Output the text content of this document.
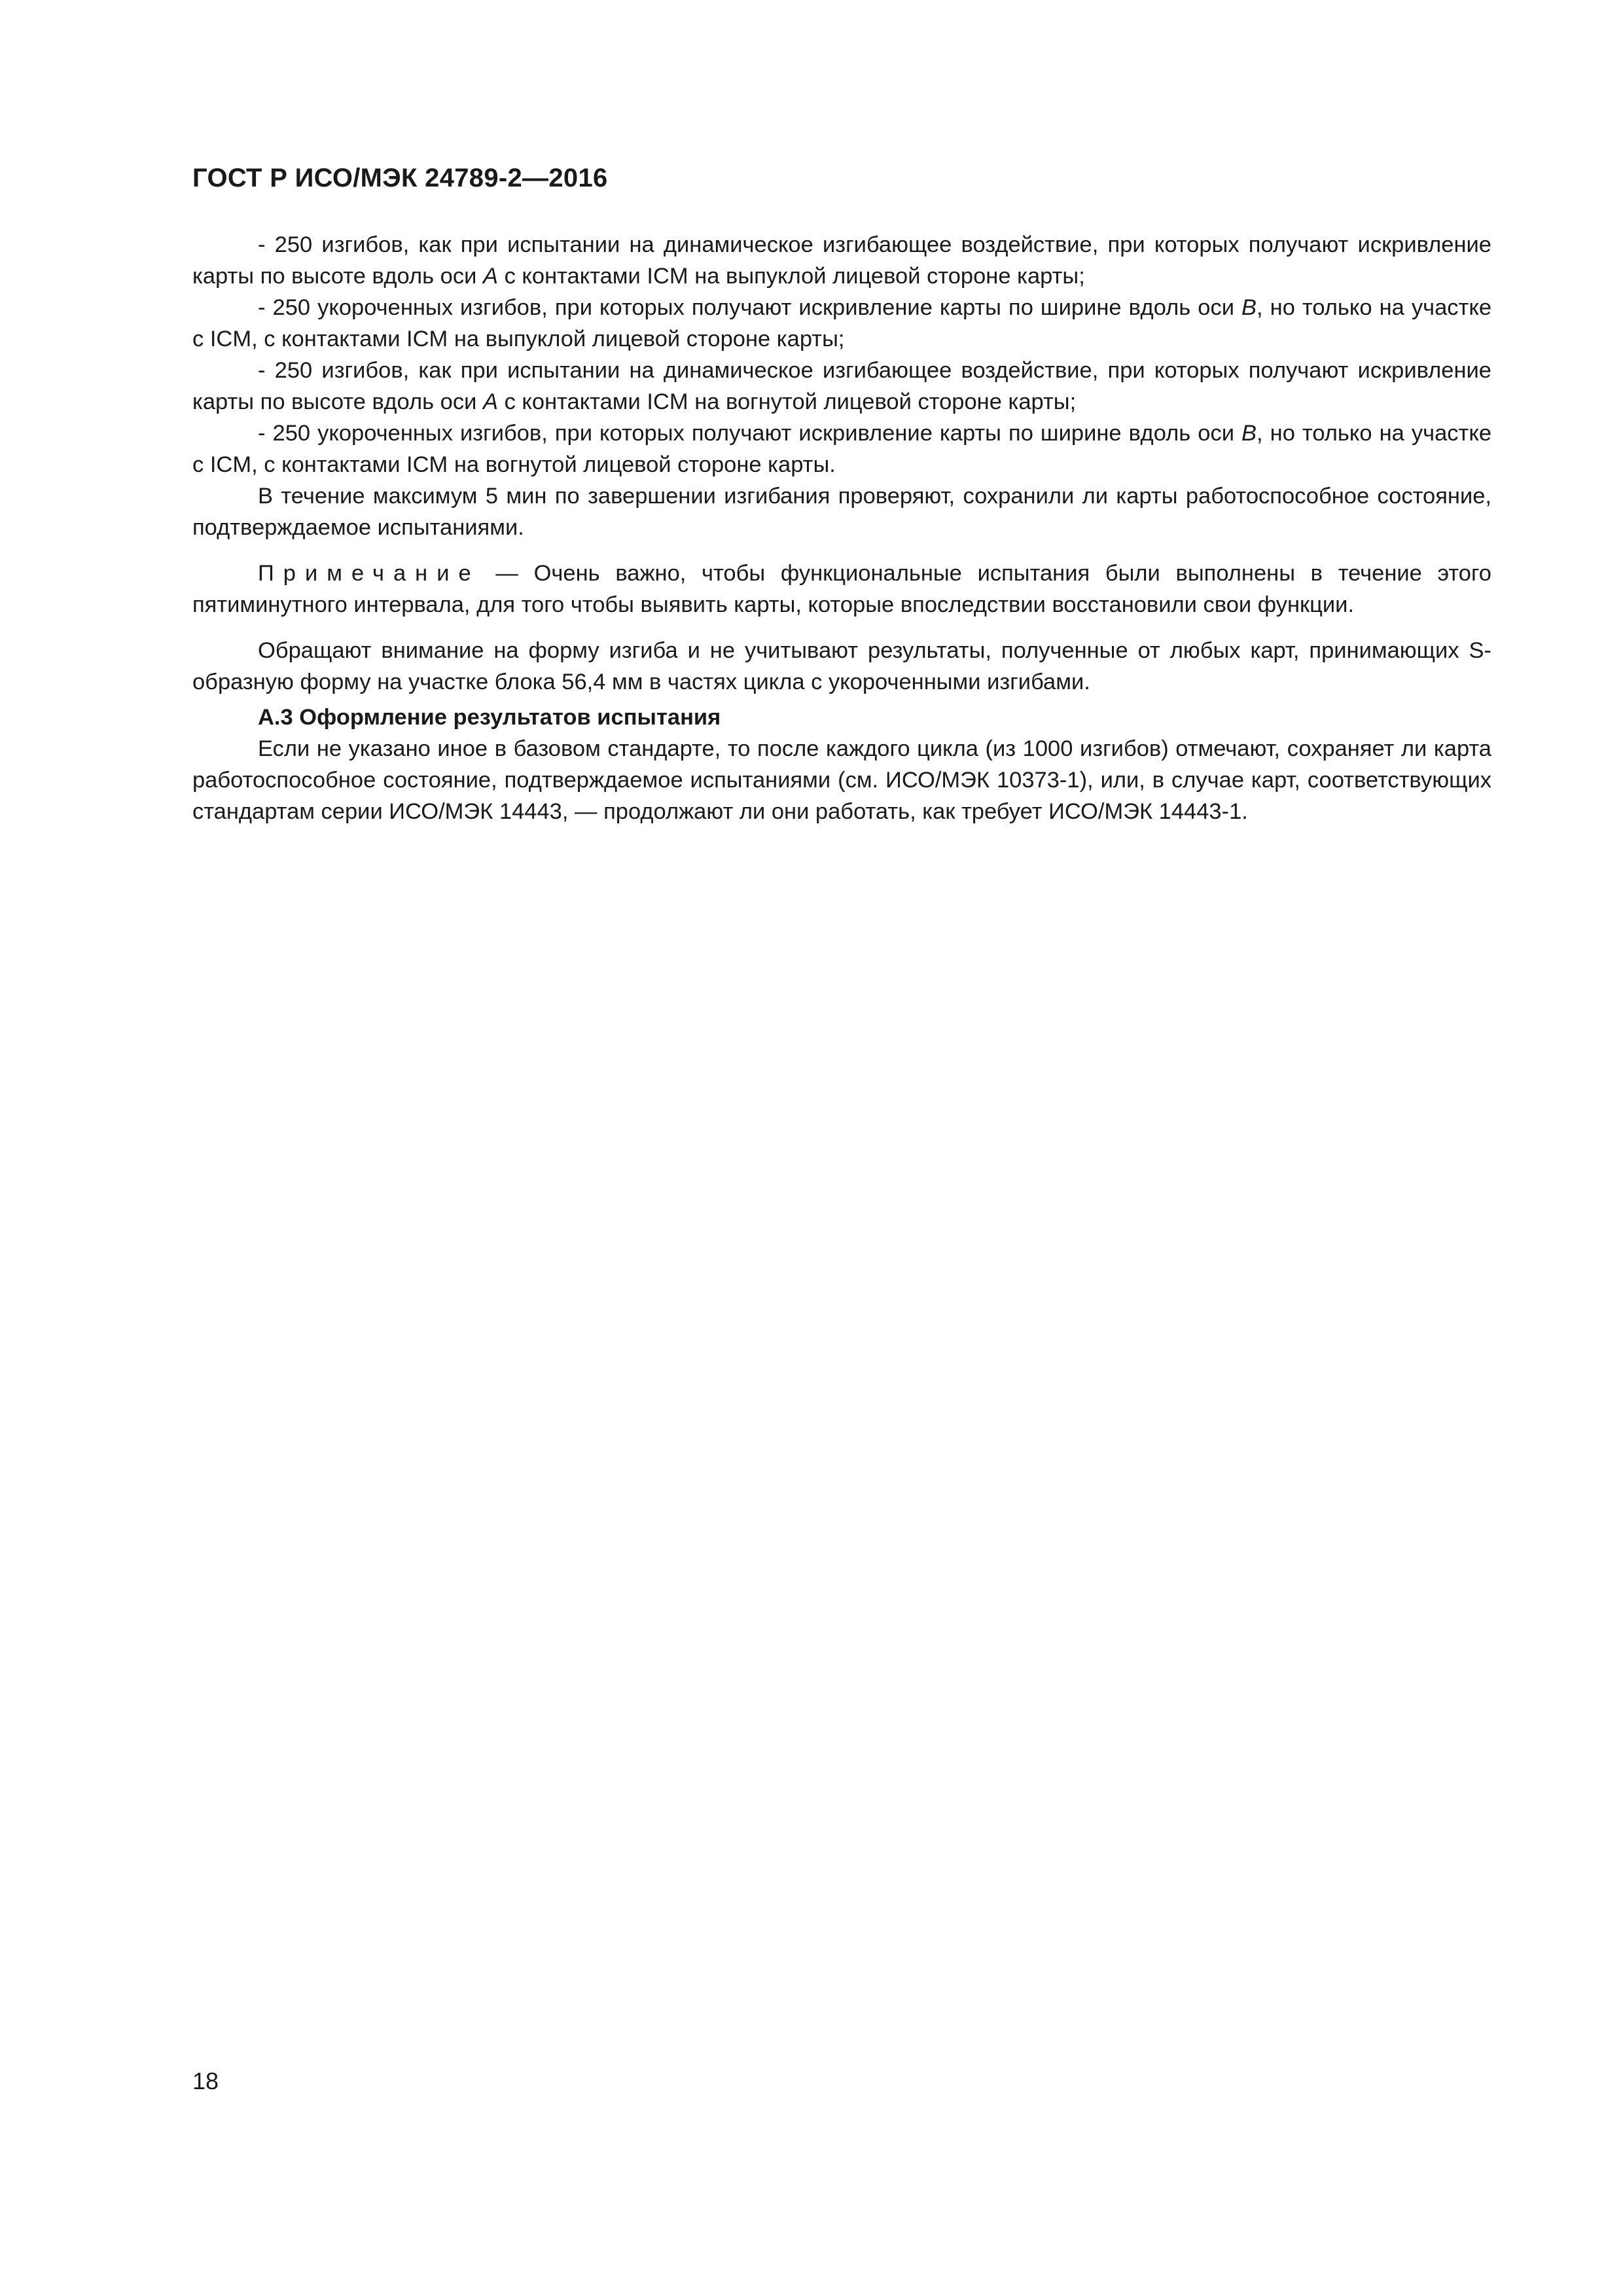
ГОСТ Р ИСО/МЭК 24789-2—2016

- 250 изгибов, как при испытании на динамическое изгибающее воздействие, при которых получают искривление карты по высоте вдоль оси A с контактами ICM на выпуклой лицевой стороне карты;

- 250 укороченных изгибов, при которых получают искривление карты по ширине вдоль оси B, но только на участке с ICM, с контактами ICM на выпуклой лицевой стороне карты;

- 250 изгибов, как при испытании на динамическое изгибающее воздействие, при которых получают искривление карты по высоте вдоль оси A с контактами ICM на вогнутой лицевой стороне карты;

- 250 укороченных изгибов, при которых получают искривление карты по ширине вдоль оси B, но только на участке с ICM, с контактами ICM на вогнутой лицевой стороне карты.

В течение максимум 5 мин по завершении изгибания проверяют, сохранили ли карты работоспособное состояние, подтверждаемое испытаниями.

Примечание — Очень важно, чтобы функциональные испытания были выполнены в течение этого пятиминутного интервала, для того чтобы выявить карты, которые впоследствии восстановили свои функции.

Обращают внимание на форму изгиба и не учитывают результаты, полученные от любых карт, принимающих S-образную форму на участке блока 56,4 мм в частях цикла с укороченными изгибами.

А.3 Оформление результатов испытания

Если не указано иное в базовом стандарте, то после каждого цикла (из 1000 изгибов) отмечают, сохраняет ли карта работоспособное состояние, подтверждаемое испытаниями (см. ИСО/МЭК 10373-1), или, в случае карт, соответствующих стандартам серии ИСО/МЭК 14443, — продолжают ли они работать, как требует ИСО/МЭК 14443-1.

18
